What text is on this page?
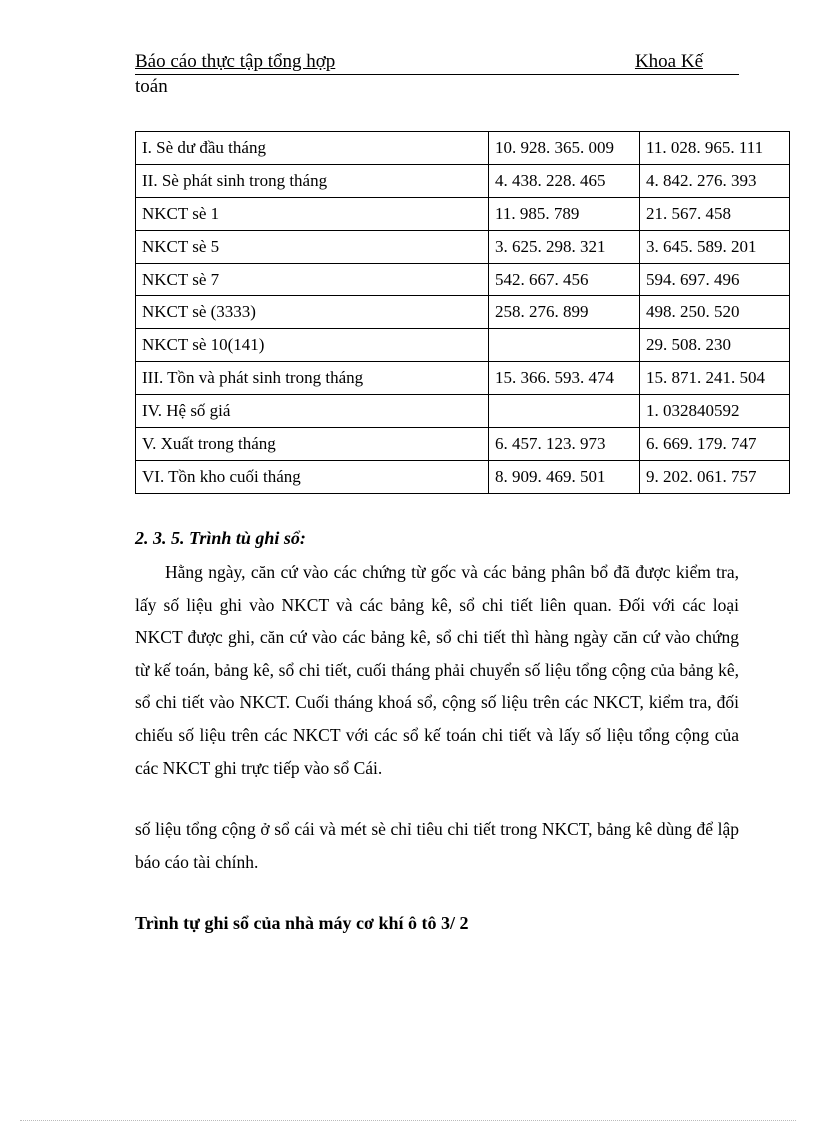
Báo cáo thực tập tổng hợp	Khoa Kế
toán
I. Sè dư đầu tháng	10. 928. 365. 009	11. 028. 965. 111
II. Sè phát sinh trong tháng	4. 438. 228. 465	4. 842. 276. 393
NKCT sè 1	11. 985. 789	21. 567. 458
NKCT sè 5	3. 625. 298. 321	3. 645. 589. 201
NKCT sè 7	542. 667. 456	594. 697. 496
NKCT sè (3333)	258. 276. 899	498. 250. 520
NKCT sè 10(141)		29. 508. 230
III. Tồn và phát sinh trong tháng	15. 366. 593. 474	15. 871. 241. 504
IV. Hệ số giá		1. 032840592
V. Xuất trong tháng	6. 457. 123. 973	6. 669. 179. 747
VI. Tồn kho cuối tháng	8. 909. 469. 501	9. 202. 061. 757
2. 3. 5. Trình tù ghi sổ:
Hằng ngày, căn cứ vào các chứng từ gốc và các bảng phân bổ đã được kiểm tra, lấy số liệu ghi vào NKCT và các bảng kê, sổ chi tiết liên quan. Đối với các loại NKCT được ghi, căn cứ vào các bảng kê, sổ chi tiết thì hàng ngày căn cứ vào chứng từ kế toán, bảng kê, sổ chi tiết, cuối tháng phải chuyển số liệu tổng cộng của bảng kê, sổ chi tiết vào NKCT. Cuối tháng khoá sổ, cộng số liệu trên các NKCT, kiểm tra, đối chiếu số liệu trên các NKCT với các sổ kế toán chi tiết và lấy số liệu tổng cộng của các NKCT ghi trực tiếp vào sổ Cái.
số liệu tổng cộng ở sổ cái và mét sè chỉ tiêu chi tiết trong NKCT, bảng kê dùng để lập báo cáo tài chính.
Trình tự ghi sổ của nhà máy cơ khí ô tô 3/ 2
